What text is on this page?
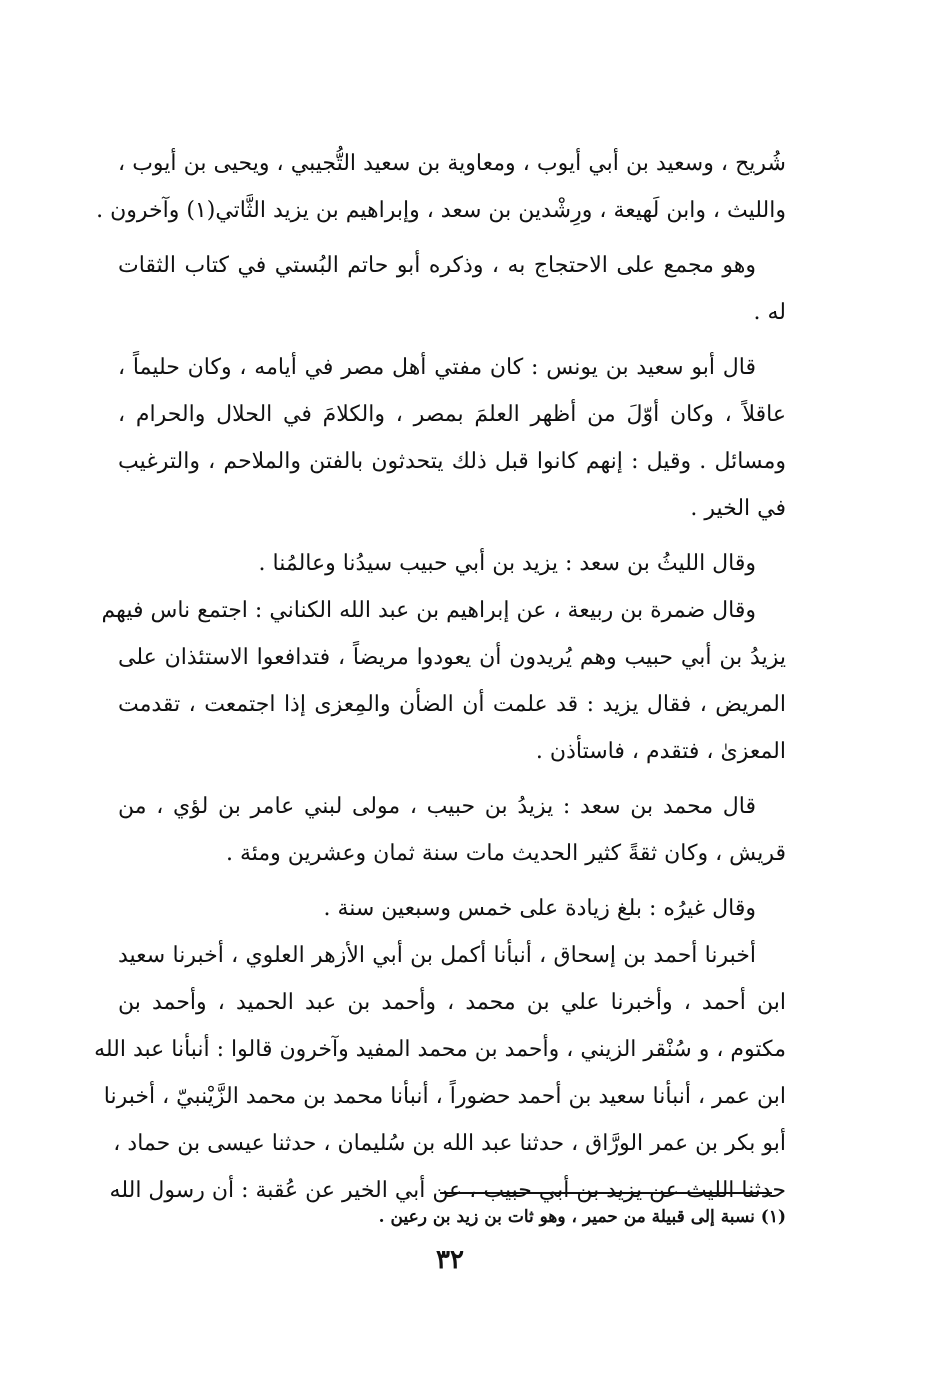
شُريح ، وسعيد بن أبي أيوب ، ومعاوية بن سعيد التُّجيبي ، ويحيى بن أيوب ،
والليث ، وابن لَهيعة ، ورِشْدين بن سعد ، وإبراهيم بن يزيد الثَّاتي(١) وآخرون .
وهو مجمع على الاحتجاج به ، وذكره أبو حاتم البُستي في كتاب الثقات
له .
قال أبو سعيد بن يونس : كان مفتي أهل مصر في أيامه ، وكان حليماً ،
عاقلاً ، وكان أوّلَ من أظهر العلمَ بمصر ، والكلامَ في الحلال والحرام ،
ومسائل . وقيل : إنهم كانوا قبل ذلك يتحدثون بالفتن والملاحم ، والترغيب
في الخير .
وقال الليثُ بن سعد : يزيد بن أبي حبيب سيدُنا وعالمُنا .
وقال ضمرة بن ربيعة ، عن إبراهيم بن عبد الله الكناني : اجتمع ناس فيهم
يزيدُ بن أبي حبيب وهم يُريدون أن يعودوا مريضاً ، فتدافعوا الاستئذان على
المريض ، فقال يزيد : قد علمت أن الضأن والمِعزى إذا اجتمعت ، تقدمت
المعزىٰ ، فتقدم ، فاستأذن .
قال محمد بن سعد : يزيدُ بن حبيب ، مولى لبني عامر بن لؤي ، من
قريش ، وكان ثقةً كثير الحديث مات سنة ثمان وعشرين ومئة .
وقال غيرُه : بلغ زيادة على خمس وسبعين سنة .
أخبرنا أحمد بن إسحاق ، أنبأنا أكمل بن أبي الأزهر العلوي ، أخبرنا سعيد
ابن أحمد ، وأخبرنا علي بن محمد ، وأحمد بن عبد الحميد ، وأحمد بن
مكتوم ، و سُنْقر الزيني ، وأحمد بن محمد المفيد وآخرون قالوا : أنبأنا عبد الله
ابن عمر ، أنبأنا سعيد بن أحمد حضوراً ، أنبأنا محمد بن محمد الزَّيْنبيّ ، أخبرنا
أبو بكر بن عمر الورَّاق ، حدثنا عبد الله بن سُليمان ، حدثنا عيسى بن حماد ،
حدثنا الليث عن يزيد بن أبي حبيب ، عن أبي الخير عن عُقبة : أن رسول الله
(١) نسبة إلى قبيلة من حمير ، وهو ثات بن زيد بن رعين .
٣٢
